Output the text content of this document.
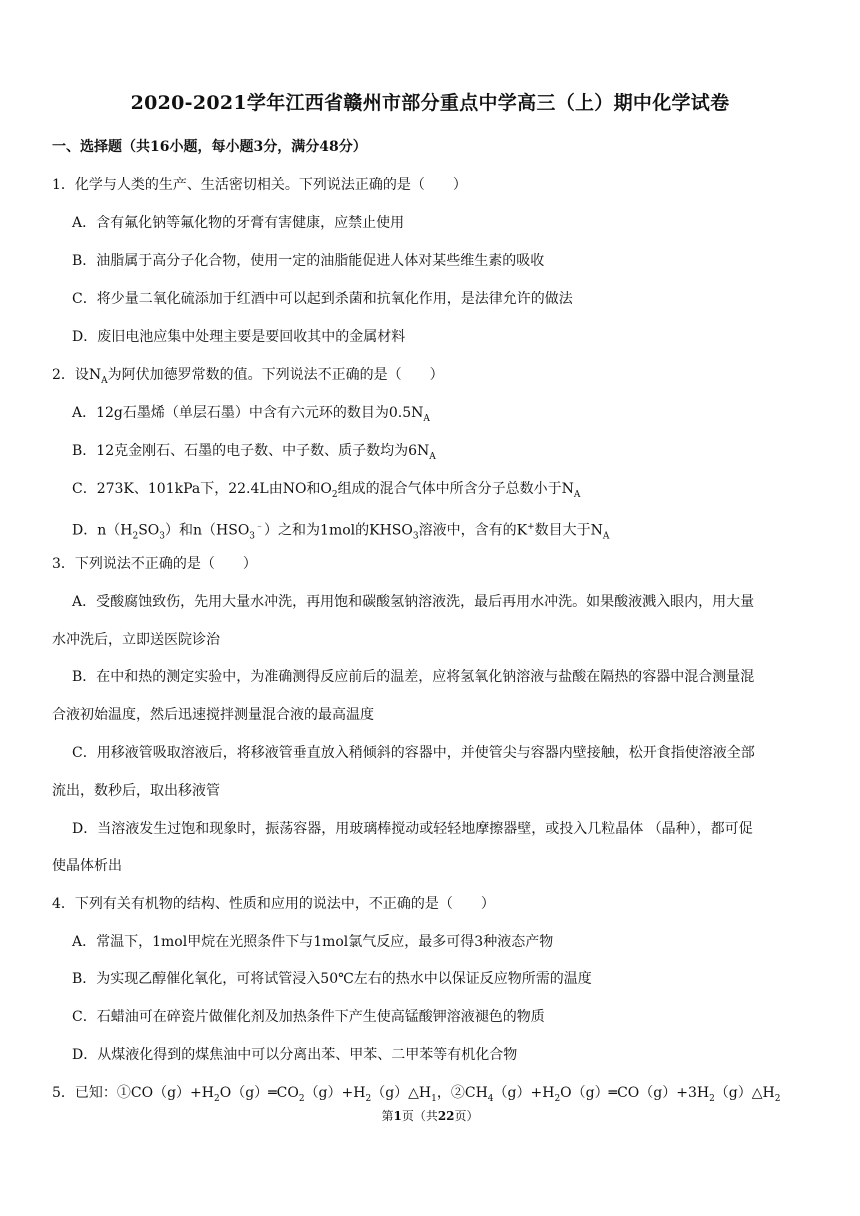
2020-2021学年江西省赣州市部分重点中学高三（上）期中化学试卷
一、选择题（共16小题，每小题3分，满分48分）
1．化学与人类的生产、生活密切相关。下列说法正确的是（　　）
A．含有氟化钠等氟化物的牙膏有害健康，应禁止使用
B．油脂属于高分子化合物，使用一定的油脂能促进人体对某些维生素的吸收
C．将少量二氧化硫添加于红酒中可以起到杀菌和抗氧化作用，是法律允许的做法
D．废旧电池应集中处理主要是要回收其中的金属材料
2．设$N_A$为阿伏加德罗常数的值。下列说法不正确的是（　　）
A．12g石墨烯（单层石墨）中含有六元环的数目为$0.5N_A$
B．12克金刚石、石墨的电子数、中子数、质子数均为$6N_A$
C．273K、101kPa下，22.4L由NO和$O_2$组成的混合气体中所含分子总数小于$N_A$
D．$n(H_2SO_3)$和$n(HSO_3^﹣)$之和为1mol的$KHSO_3$溶液中，含有的K+数目大于$N_A$
3．下列说法不正确的是（　　）
A．受酸腐蚀致伤，先用大量水冲洗，再用饱和碳酸氢钠溶液洗，最后再用水冲洗。如果酸液溅入眼内，用大量
水冲洗后，立即送医院诊治
B．在中和热的测定实验中，为准确测得反应前后的温差，应将氢氧化钠溶液与盐酸在隔热的容器中混合测量混
合液初始温度，然后迅速搅拌测量混合液的最高温度
C．用移液管吸取溶液后，将移液管垂直放入稍倾斜的容器中，并使管尖与容器内壁接触，松开食指使溶液全部
流出，数秒后，取出移液管
D．当溶液发生过饱和现象时，振荡容器，用玻璃棒搅动或轻轻地摩擦器壁，或投入几粒晶体 （晶种），都可促
使晶体析出
4．下列有关有机物的结构、性质和应用的说法中，不正确的是（　　）
A．常温下，1mol甲烷在光照条件下与1mol氯气反应，最多可得3种液态产物
B．为实现乙醇催化氧化，可将试管浸入50℃左右的热水中以保证反应物所需的温度
C．石蜡油可在碎瓷片做催化剂及加热条件下产生使高锰酸钾溶液褪色的物质
D．从煤液化得到的煤焦油中可以分离出苯、甲苯、二甲苯等有机化合物
5．已知：$①CO(g)+H_2O(g)═CO_2(g)+H_2(g)\triangle H_1$，$②CH_4(g)+H_2O(g)═CO(g)+3H_2(g)\triangle H_2$
第1页（共22页）
